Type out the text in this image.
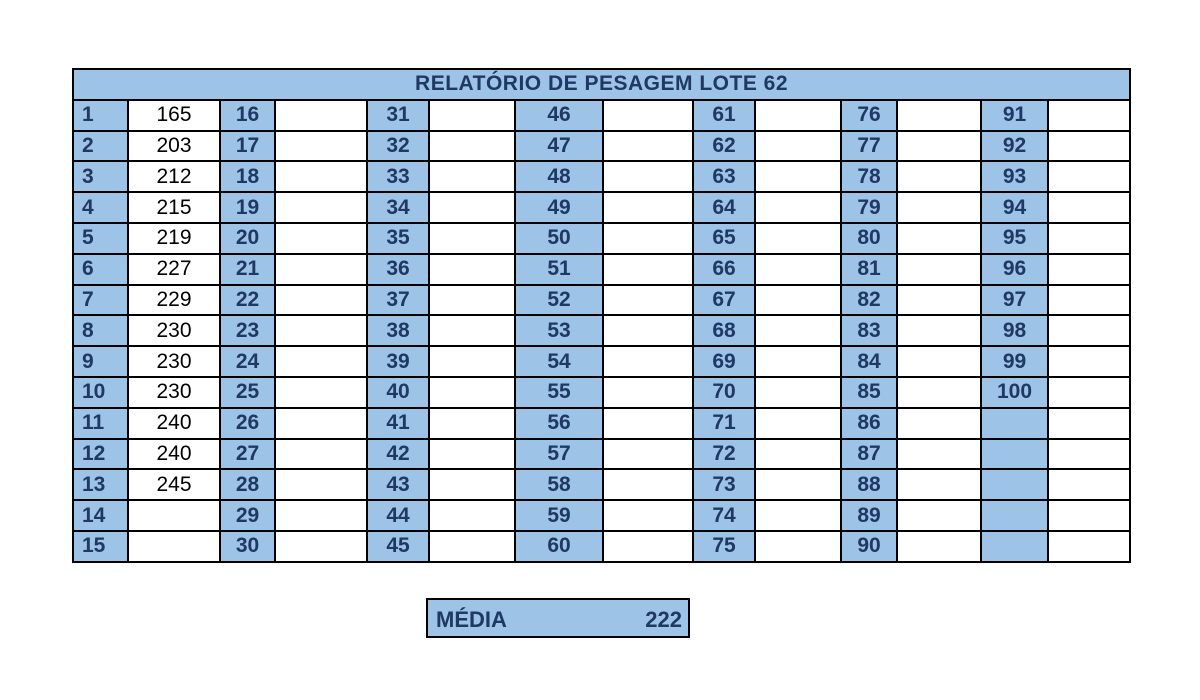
RELATÓRIO DE PESAGEM LOTE 62													
1	165	16		31		46		61		76		91	
2	203	17		32		47		62		77		92	
3	212	18		33		48		63		78		93	
4	215	19		34		49		64		79		94	
5	219	20		35		50		65		80		95	
6	227	21		36		51		66		81		96	
7	229	22		37		52		67		82		97	
8	230	23		38		53		68		83		98	
9	230	24		39		54		69		84		99	
10	230	25		40		55		70		85		100	
11	240	26		41		56		71		86			
12	240	27		42		57		72		87			
13	245	28		43		58		73		88			
14		29		44		59		74		89			
15		30		45		60		75		90			
MÉDIA	222
